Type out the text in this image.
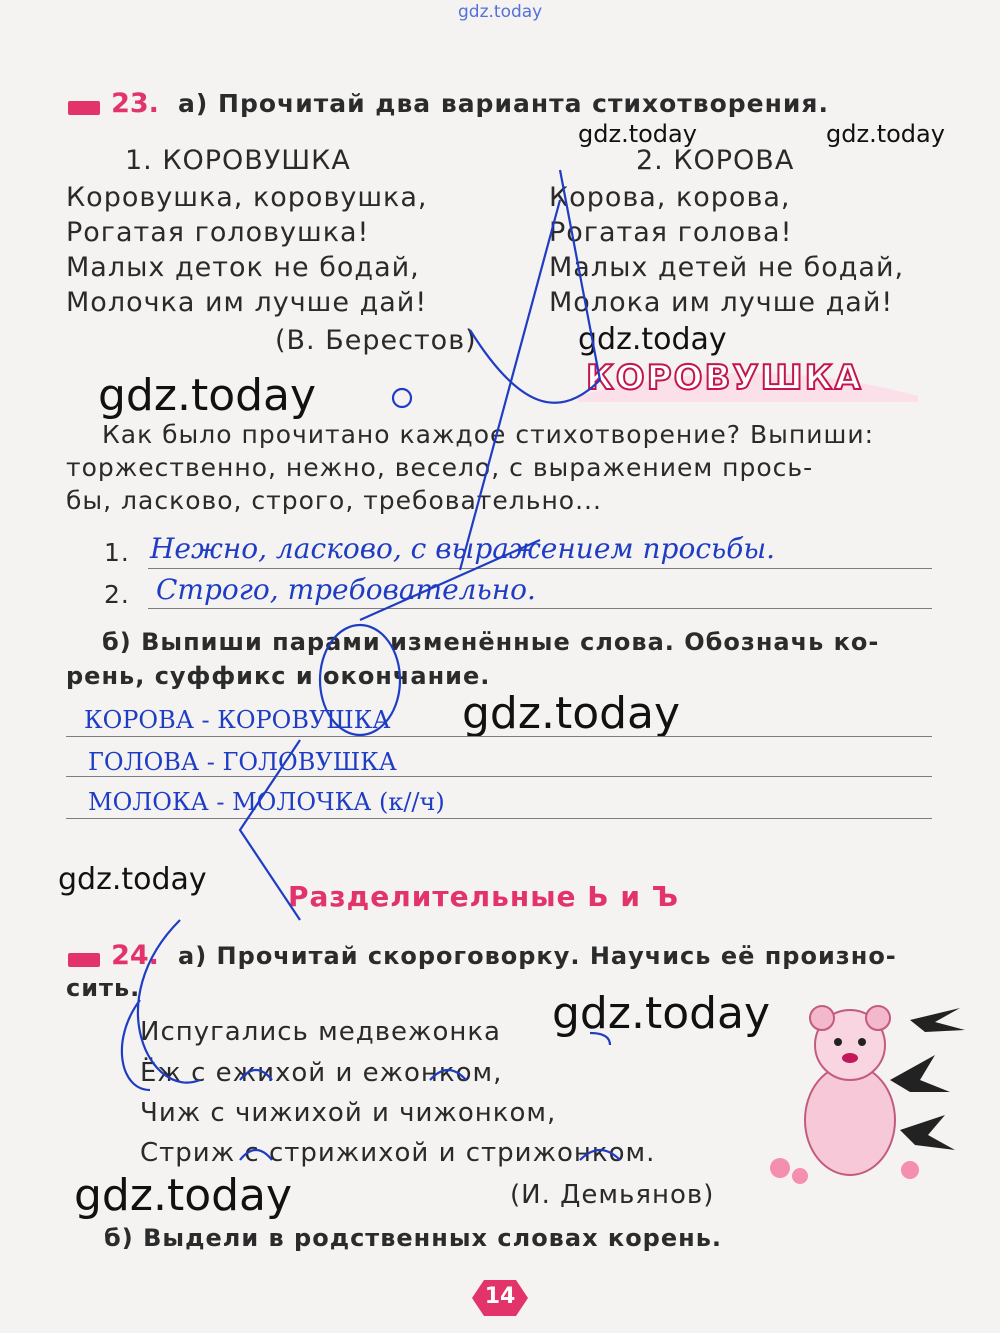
gdz.today
gdz.today	gdz.today
gdz.today
gdz.today
gdz.today
gdz.today
gdz.today
gdz.today
23. а) Прочитай два варианта стихотворения.
1. КОРОВУШКА
Коровушка, коровушка,
Рогатая головушка!
Малых деток не бодай,
Молочка им лучше дай!
(В. Берестов)
2. КОРОВА
Корова, корова,
Рогатая голова!
Малых детей не бодай,
Молока им лучше дай!
КОРОВУШКА
Как было прочитано каждое стихотворение? Выпиши:
торжественно, нежно, весело, с выражением прось-
бы, ласково, строго, требовательно...
1. Нежно, ласково, с выражением просьбы.
2. Строго, требовательно.
б) Выпиши парами изменённые слова. Обозначь ко-
рень, суффикс и окончание.
КОРОВА - КОРОВУШКА
ГОЛОВА - ГОЛОВУШКА
МОЛОКА - МОЛОЧКА (к//ч)
Разделительные Ь и Ъ
24. а) Прочитай скороговорку. Научись её произно-
сить.
Испугались медвежонка
Ёж с ежихой и ежонком,
Чиж с чижихой и чижонком,
Стриж с стрижихой и стрижонком.
(И. Демьянов)
б) Выдели в родственных словах корень.
14
